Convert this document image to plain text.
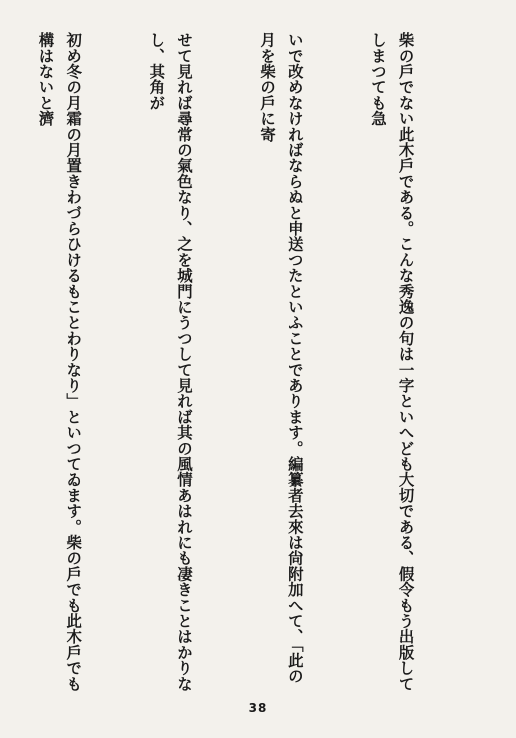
柴の戶でない此木戶である。こんな秀逸の句は一字といへども大切である、假令もう出版してしまつても急

いで改めなければならぬと申送つたといふことであります。編纂者去來は尙附加へて、「此の月を柴の戶に寄

せて見れば尋常の氣色なり、之を城門にうつして見れば其の風情あはれにも凄きことはかりなし、其角が

初め冬の月霜の月置きわづらひけるもことわりなり」といつてゐます。柴の戶でも此木戶でも構はないと濟

38
